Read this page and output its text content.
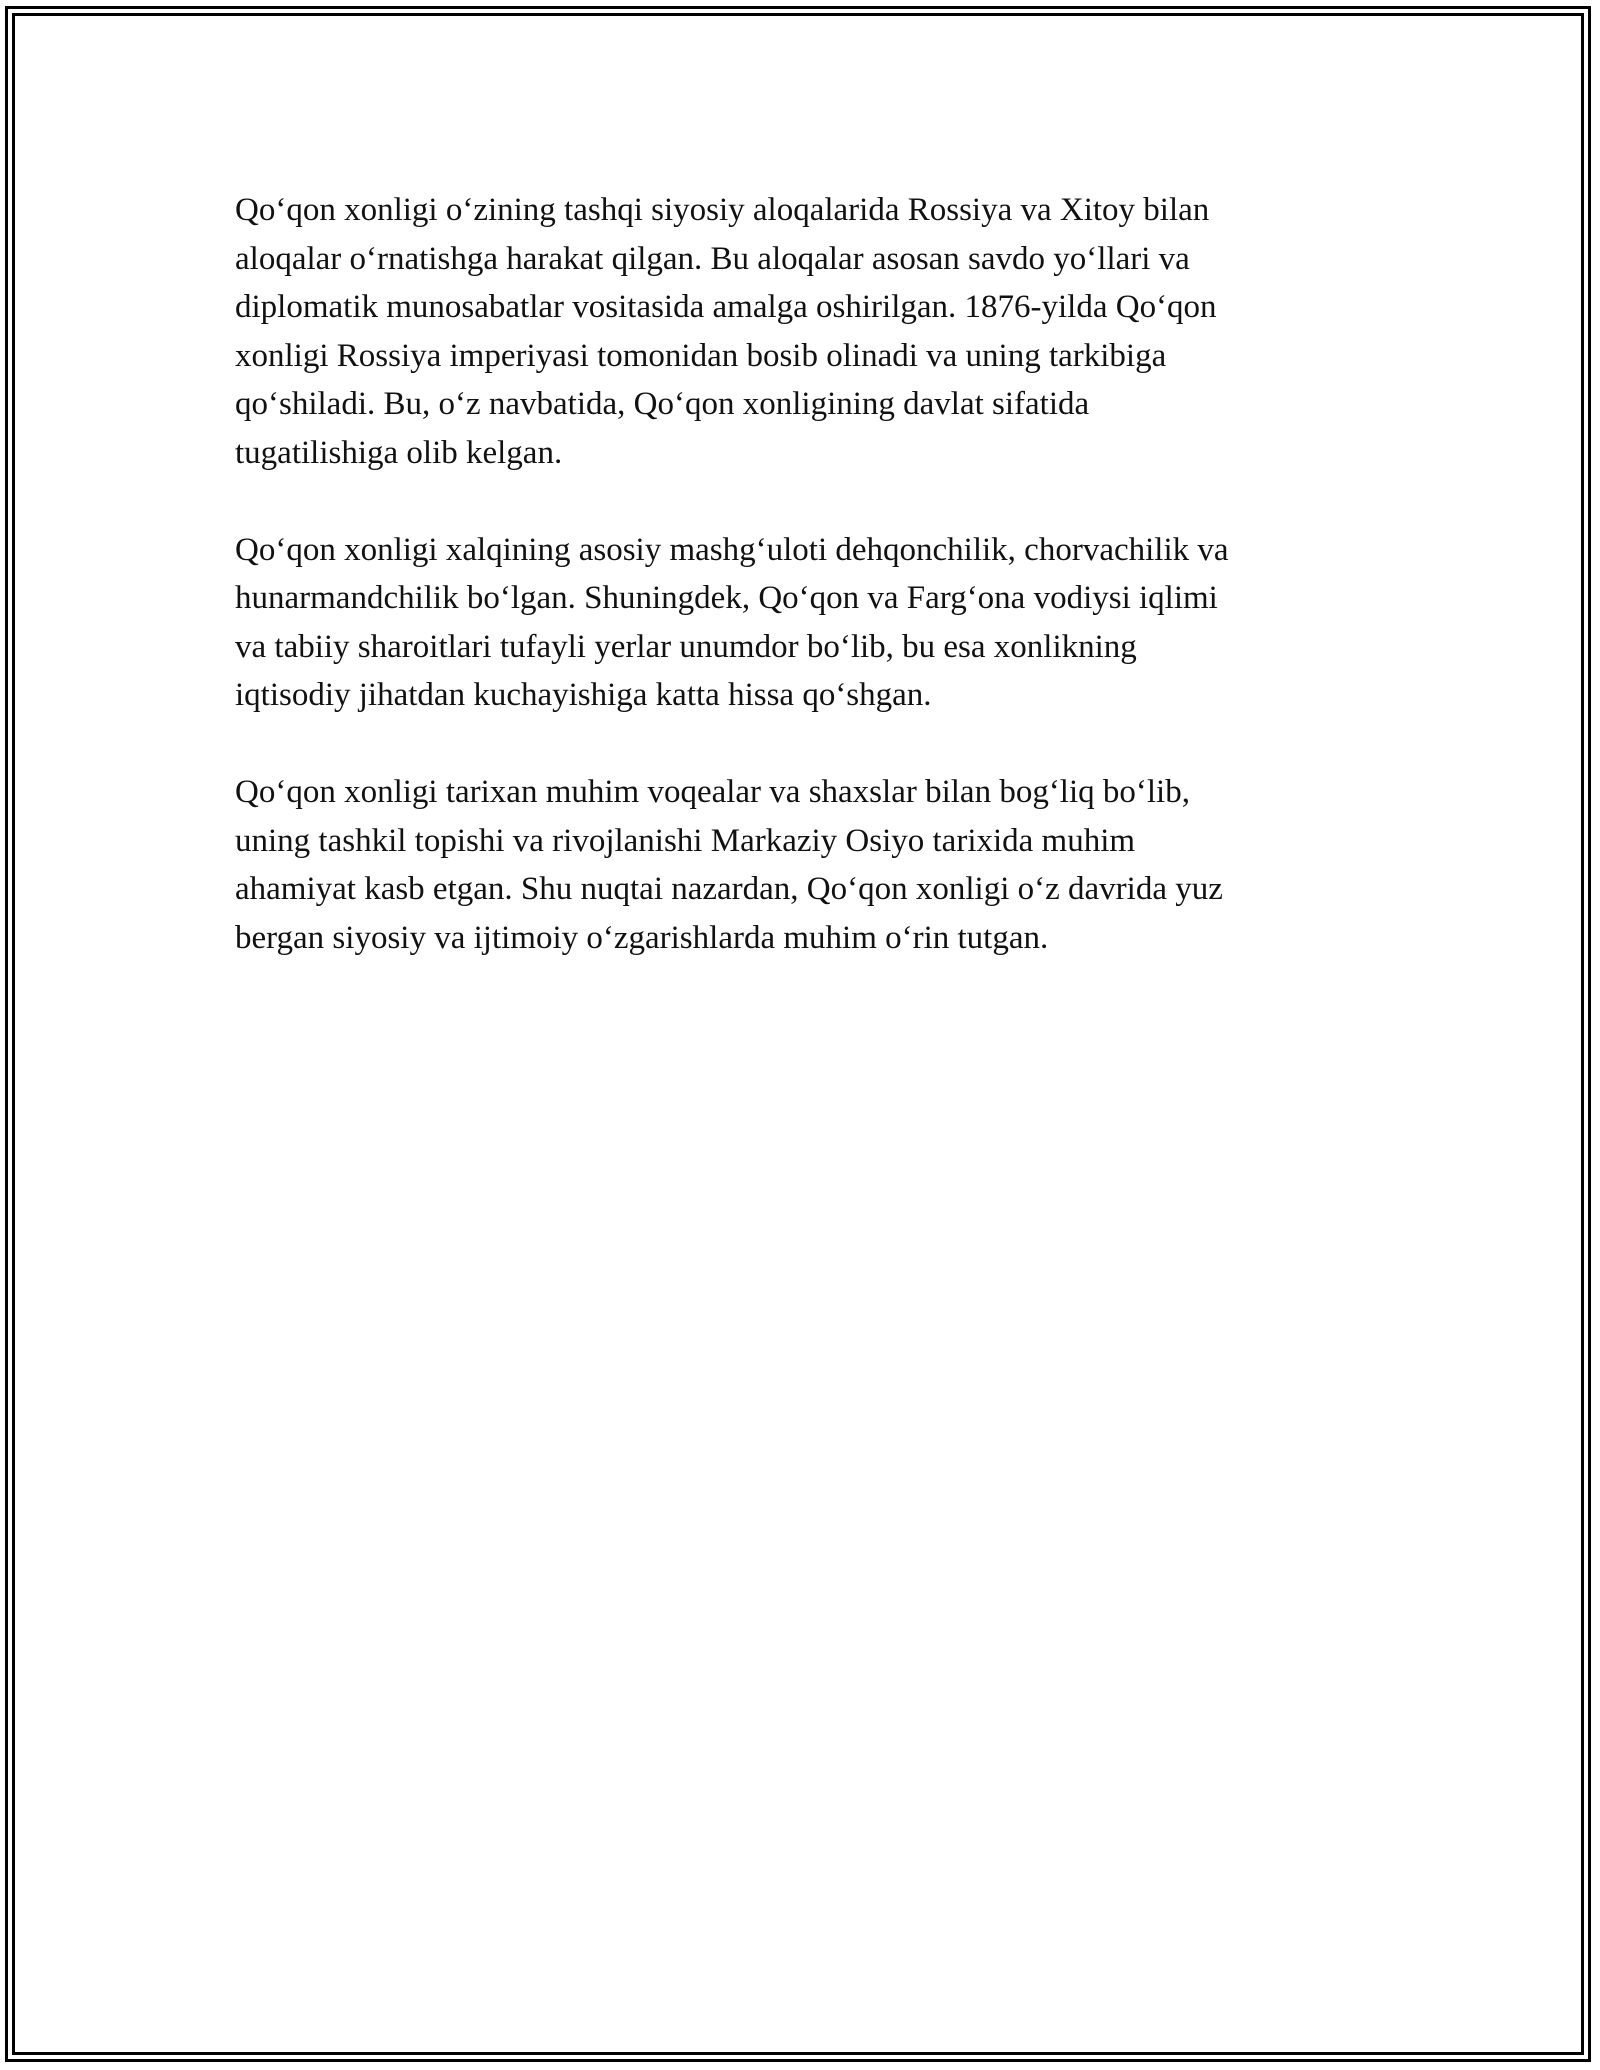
Qo‘qon xonligi o‘zining tashqi siyosiy aloqalarida Rossiya va Xitoy bilan
aloqalar o‘rnatishga harakat qilgan. Bu aloqalar asosan savdo yo‘llari va
diplomatik munosabatlar vositasida amalga oshirilgan. 1876-yilda Qo‘qon
xonligi Rossiya imperiyasi tomonidan bosib olinadi va uning tarkibiga
qo‘shiladi. Bu, o‘z navbatida, Qo‘qon xonligining davlat sifatida
tugatilishiga olib kelgan.

Qo‘qon xonligi xalqining asosiy mashg‘uloti dehqonchilik, chorvachilik va
hunarmandchilik bo‘lgan. Shuningdek, Qo‘qon va Farg‘ona vodiysi iqlimi
va tabiiy sharoitlari tufayli yerlar unumdor bo‘lib, bu esa xonlikning
iqtisodiy jihatdan kuchayishiga katta hissa qo‘shgan.

Qo‘qon xonligi tarixan muhim voqealar va shaxslar bilan bog‘liq bo‘lib,
uning tashkil topishi va rivojlanishi Markaziy Osiyo tarixida muhim
ahamiyat kasb etgan. Shu nuqtai nazardan, Qo‘qon xonligi o‘z davrida yuz
bergan siyosiy va ijtimoiy o‘zgarishlarda muhim o‘rin tutgan.
